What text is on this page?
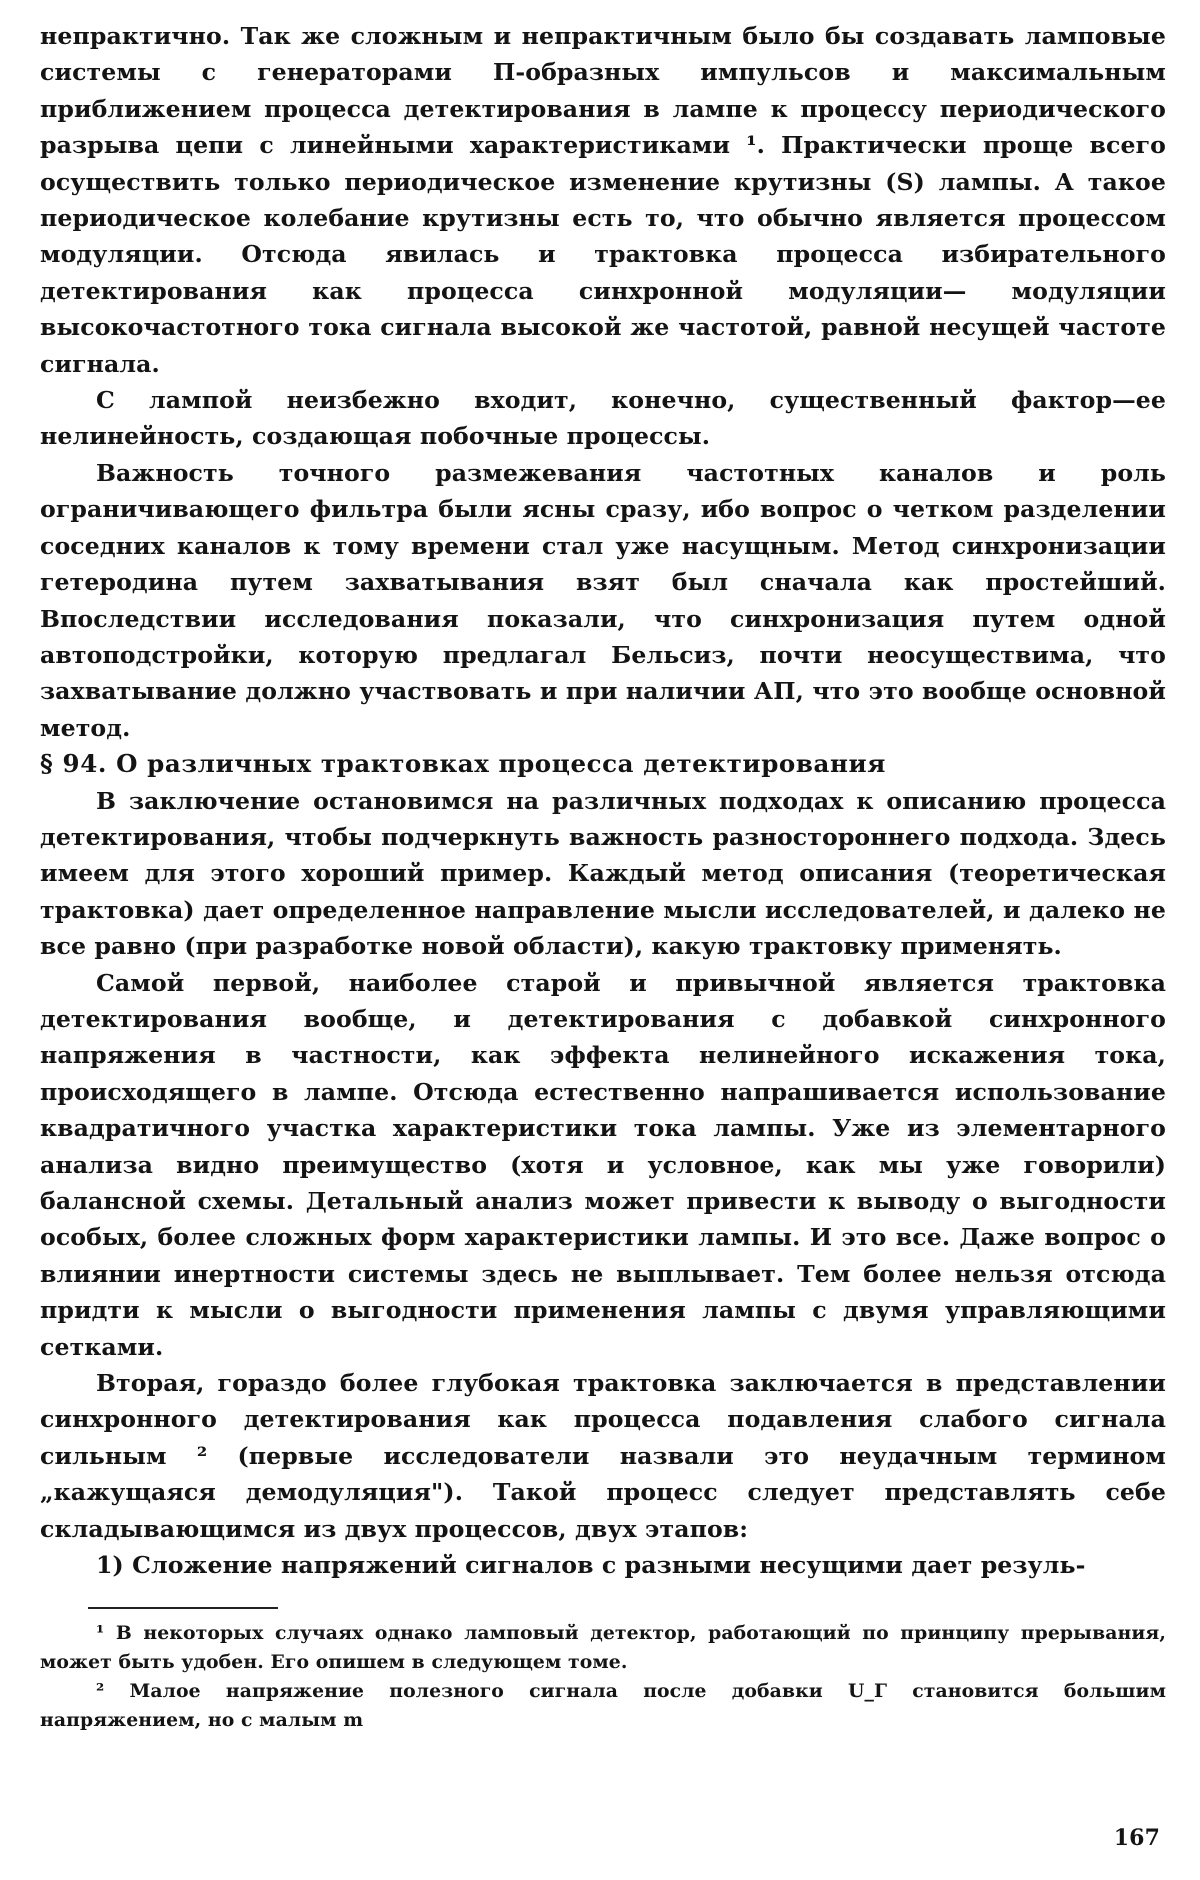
непрактично. Так же сложным и непрактичным было бы создавать ламповые системы с генераторами П-образных импульсов и максимальным приближением процесса детектирования в лампе к процессу периодического разрыва цепи с линейными характеристиками ¹. Практически проще всего осуществить только периодическое изменение крутизны (S) лампы. А такое периодическое колебание крутизны есть то, что обычно является процессом модуляции. Отсюда явилась и трактовка процесса избирательного детектирования как процесса синхронной модуляции— модуляции высокочастотного тока сигнала высокой же частотой, равной несущей частоте сигнала.

С лампой неизбежно входит, конечно, существенный фактор—ее нелинейность, создающая побочные процессы.

Важность точного размежевания частотных каналов и роль ограничивающего фильтра были ясны сразу, ибо вопрос о четком разделении соседних каналов к тому времени стал уже насущным. Метод синхронизации гетеродина путем захватывания взят был сначала как простейший. Впоследствии исследования показали, что синхронизация путем одной автоподстройки, которую предлагал Бельсиз, почти неосуществима, что захватывание должно участвовать и при наличии АП, что это вообще основной метод.

§ 94. О различных трактовках процесса детектирования

В заключение остановимся на различных подходах к описанию процесса детектирования, чтобы подчеркнуть важность разностороннего подхода. Здесь имеем для этого хороший пример. Каждый метод описания (теоретическая трактовка) дает определенное направление мысли исследователей, и далеко не все равно (при разработке новой области), какую трактовку применять.

Самой первой, наиболее старой и привычной является трактовка детектирования вообще, и детектирования с добавкой синхронного напряжения в частности, как эффекта нелинейного искажения тока, происходящего в лампе. Отсюда естественно напрашивается использование квадратичного участка характеристики тока лампы. Уже из элементарного анализа видно преимущество (хотя и условное, как мы уже говорили) балансной схемы. Детальный анализ может привести к выводу о выгодности особых, более сложных форм характеристики лампы. И это все. Даже вопрос о влиянии инертности системы здесь не выплывает. Тем более нельзя отсюда придти к мысли о выгодности применения лампы с двумя управляющими сетками.

Вторая, гораздо более глубокая трактовка заключается в представлении синхронного детектирования как процесса подавления слабого сигнала сильным ² (первые исследователи назвали это неудачным термином „кажущаяся демодуляция"). Такой процесс следует представлять себе складывающимся из двух процессов, двух этапов:

1) Сложение напряжений сигналов с разными несущими дает резуль-

¹ В некоторых случаях однако ламповый детектор, работающий по принципу прерывания, может быть удобен. Его опишем в следующем томе.

² Малое напряжение полезного сигнала после добавки U_Г становится большим напряжением, но с малым m

167
